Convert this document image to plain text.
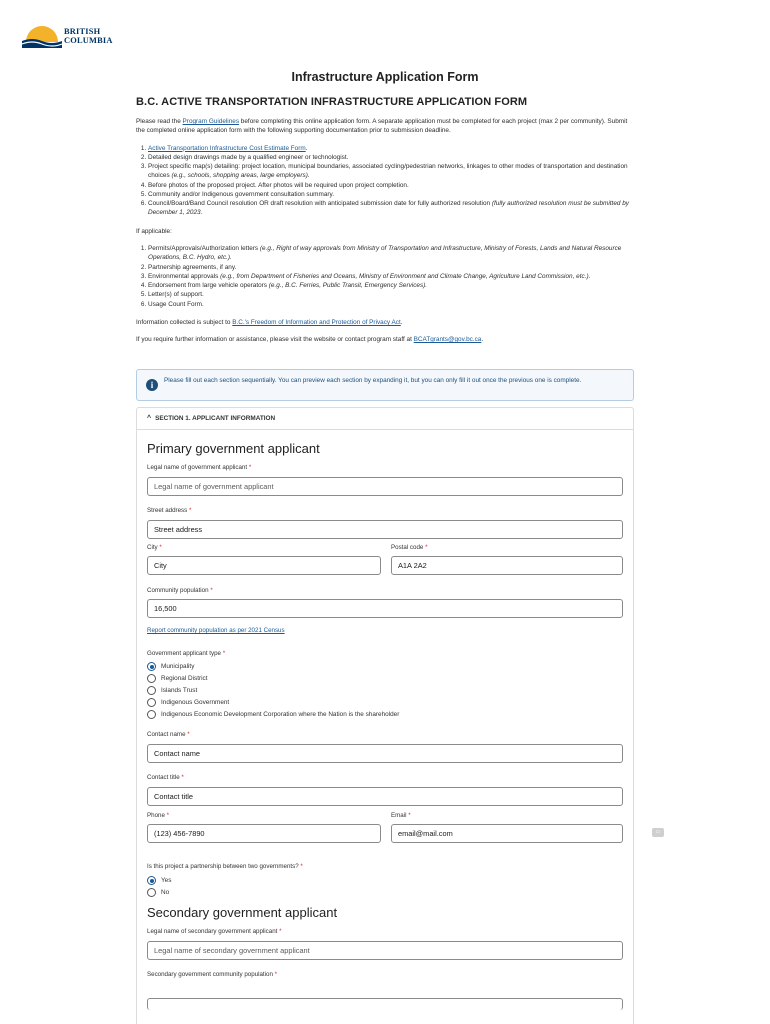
BRITISH
COLUMBIA
Infrastructure Application Form
B.C. ACTIVE TRANSPORTATION INFRASTRUCTURE APPLICATION FORM

Please read the Program Guidelines before completing this online application form. A separate application must be completed for each project (max 2 per community). Submit the completed online application form with the following supporting documentation prior to submission deadline.

1. Active Transportation Infrastructure Cost Estimate Form.
2. Detailed design drawings made by a qualified engineer or technologist.
3. Project specific map(s) detailing: project location, municipal boundaries, associated cycling/pedestrian networks, linkages to other modes of transportation and destination choices (e.g., schools, shopping areas, large employers).
4. Before photos of the proposed project. After photos will be required upon project completion.
5. Community and/or Indigenous government consultation summary.
6. Council/Board/Band Council resolution OR draft resolution with anticipated submission date for fully authorized resolution (fully authorized resolution must be submitted by December 1, 2023.

If applicable:

1. Permits/Approvals/Authorization letters (e.g., Right of way approvals from Ministry of Transportation and Infrastructure, Ministry of Forests, Lands and Natural Resource Operations, B.C. Hydro, etc.).
2. Partnership agreements, if any.
3. Environmental approvals (e.g., from Department of Fisheries and Oceans, Ministry of Environment and Climate Change, Agriculture Land Commission, etc.).
4. Endorsement from large vehicle operators (e.g., B.C. Ferries, Public Transit, Emergency Services).
5. Letter(s) of support.
6. Usage Count Form.

Information collected is subject to B.C.'s Freedom of Information and Protection of Privacy Act.

If you require further information or assistance, please visit the website or contact program staff at BCATgrants@gov.bc.ca.

i	Please fill out each section sequentially. You can preview each section by expanding it, but you can only fill it out once the previous one is complete.
^ SECTION 1. APPLICANT INFORMATION
Primary government applicant
Legal name of government applicant *
Legal name of government applicant
Street address *
Street address
City *	Postal code *
City	A1A 2A2
Community population *
16,500
Report community population as per 2021 Census
Government applicant type *
Municipality
Regional District
Islands Trust
Indigenous Government
Indigenous Economic Development Corporation where the Nation is the shareholder
Contact name *
Contact name
Contact title *
Contact title
Phone *	Email *
(123) 456-7890	email@mail.com
Is this project a partnership between two governments? *
Yes
No
Secondary government applicant
Legal name of secondary government applicant *
Legal name of secondary government applicant
Secondary government community population *
▭
